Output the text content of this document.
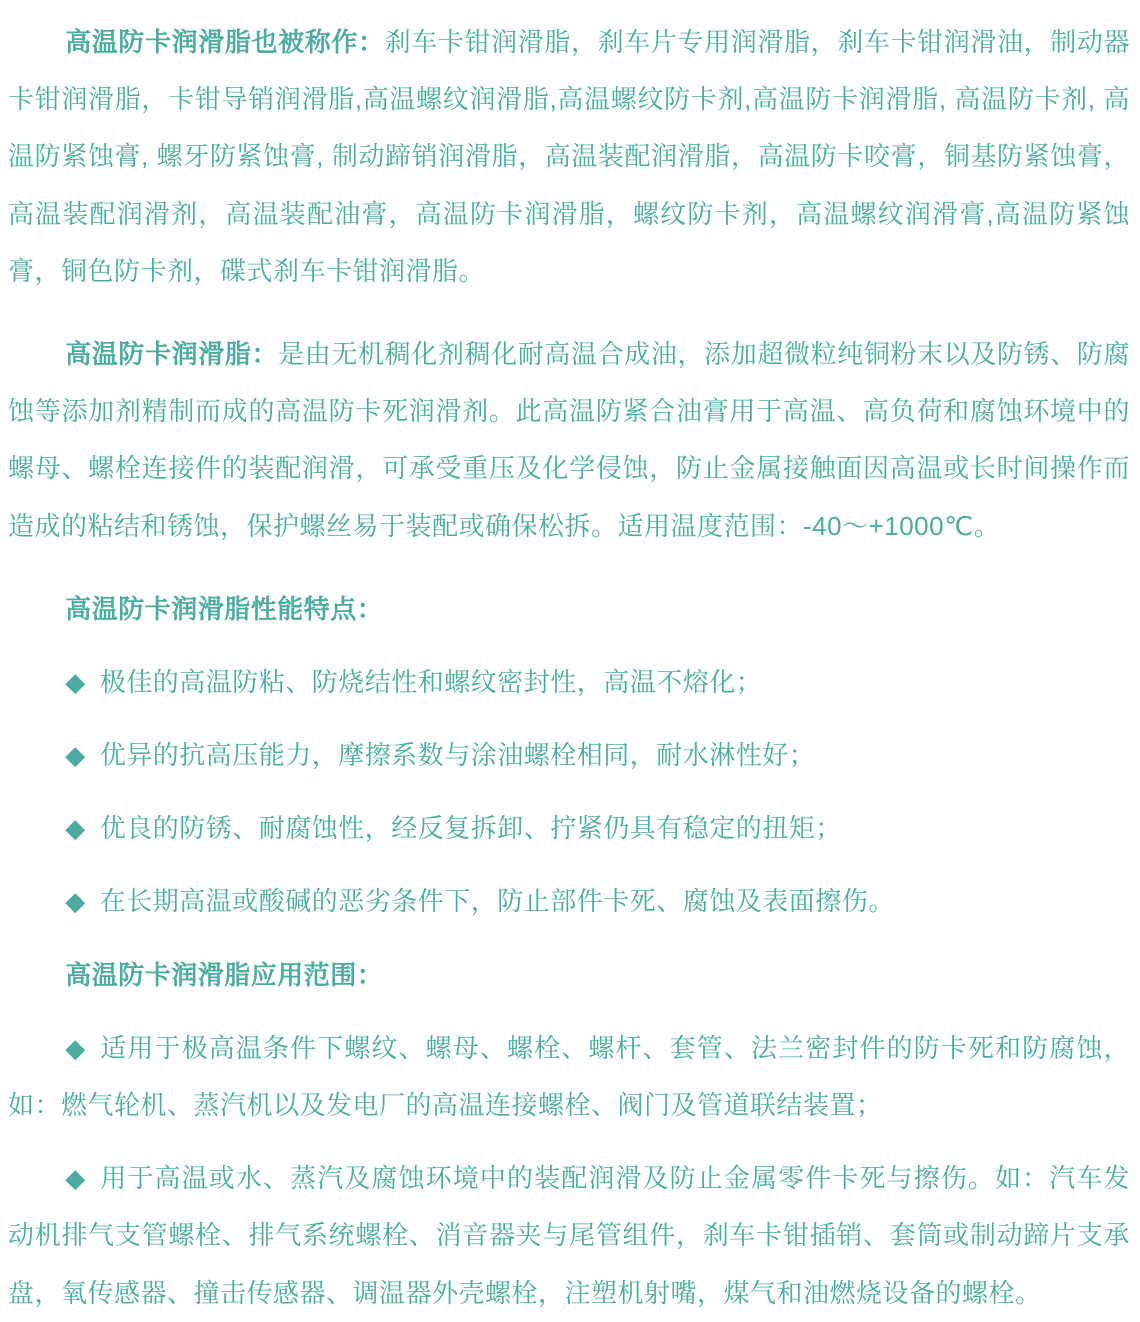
高温防卡润滑脂也被称作：刹车卡钳润滑脂，刹车片专用润滑脂，刹车卡钳润滑油，制动器卡钳润滑脂，卡钳导销润滑脂,高温螺纹润滑脂,高温螺纹防卡剂,高温防卡润滑脂, 高温防卡剂, 高温防紧蚀膏, 螺牙防紧蚀膏, 制动蹄销润滑脂，高温装配润滑脂，高温防卡咬膏，铜基防紧蚀膏，高温装配润滑剂，高温装配油膏，高温防卡润滑脂，螺纹防卡剂，高温螺纹润滑膏,高温防紧蚀膏，铜色防卡剂，碟式刹车卡钳润滑脂。

高温防卡润滑脂：是由无机稠化剂稠化耐高温合成油，添加超微粒纯铜粉末以及防锈、防腐蚀等添加剂精制而成的高温防卡死润滑剂。此高温防紧合油膏用于高温、高负荷和腐蚀环境中的螺母、螺栓连接件的装配润滑，可承受重压及化学侵蚀，防止金属接触面因高温或长时间操作而造成的粘结和锈蚀，保护螺丝易于装配或确保松拆。适用温度范围：-40～+1000℃。

高温防卡润滑脂性能特点：

◆ 极佳的高温防粘、防烧结性和螺纹密封性，高温不熔化；

◆ 优异的抗高压能力，摩擦系数与涂油螺栓相同，耐水淋性好；

◆ 优良的防锈、耐腐蚀性，经反复拆卸、拧紧仍具有稳定的扭矩；

◆ 在长期高温或酸碱的恶劣条件下，防止部件卡死、腐蚀及表面擦伤。

高温防卡润滑脂应用范围：

◆ 适用于极高温条件下螺纹、螺母、螺栓、螺杆、套管、法兰密封件的防卡死和防腐蚀，如：燃气轮机、蒸汽机以及发电厂的高温连接螺栓、阀门及管道联结装置；

◆ 用于高温或水、蒸汽及腐蚀环境中的装配润滑及防止金属零件卡死与擦伤。如：汽车发动机排气支管螺栓、排气系统螺栓、消音器夹与尾管组件，刹车卡钳插销、套筒或制动蹄片支承盘，氧传感器、撞击传感器、调温器外壳螺栓，注塑机射嘴，煤气和油燃烧设备的螺栓。
